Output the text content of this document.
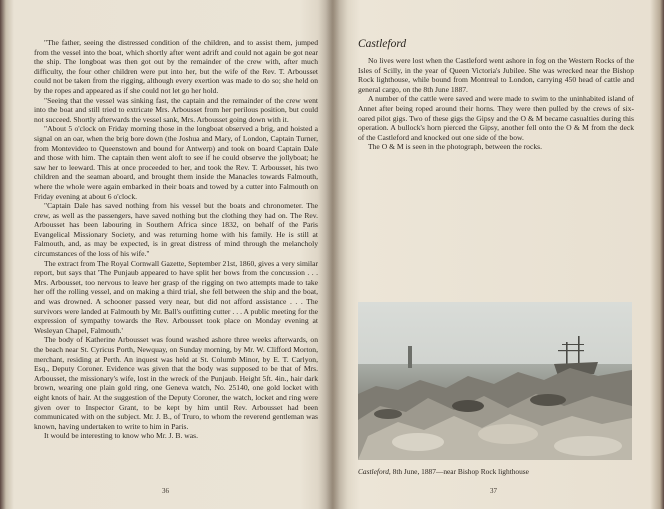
"The father, seeing the distressed condition of the children, and to assist them, jumped from the vessel into the boat, which shortly after went adrift and could not again be got near the ship. The longboat was then got out by the remainder of the crew with, after much difficulty, the four other children were put into her, but the wife of the Rev. T. Arbousset could not be taken from the rigging, although every exertion was made to do so; she held on by the ropes and appeared as if she could not let go her hold.

"Seeing that the vessel was sinking fast, the captain and the remainder of the crew went into the boat and still tried to extricate Mrs. Arbousset from her perilous position, but could not succeed. Shortly afterwards the vessel sank, Mrs. Arbousset going down with it.

"About 5 o'clock on Friday morning those in the longboat observed a brig, and hoisted a signal on an oar, when the brig bore down (the Joshua and Mary, of London, Captain Turner, from Montevideo to Queenstown and bound for Antwerp) and took on board Captain Dale and those with him. The captain then went aloft to see if he could observe the jollyboat; he saw her to leeward. This at once proceeded to her, and took the Rev. T. Arbousset, his two children and the seaman aboard, and brought them inside the Manacles towards Falmouth, where the whole were again embarked in their boats and towed by a cutter into Falmouth on Friday evening at about 6 o'clock.

"Captain Dale has saved nothing from his vessel but the boats and chronometer. The crew, as well as the passengers, have saved nothing but the clothing they had on. The Rev. Arbousset has been labouring in Southern Africa since 1832, on behalf of the Paris Evangelical Missionary Society, and was returning home with his family. He is still at Falmouth, and, as may be expected, is in great distress of mind through the melancholy circumstances of the loss of his wife."

The extract from The Royal Cornwall Gazette, September 21st, 1860, gives a very similar report, but says that 'The Punjaub appeared to have split her bows from the concussion . . . Mrs. Arbousset, too nervous to leave her grasp of the rigging on two attempts made to take her off the rolling vessel, and on making a third trial, she fell between the ship and the boat, and was drowned. A schooner passed very near, but did not afford assistance . . . The survivors were landed at Falmouth by Mr. Ball's outfitting cutter . . . A public meeting for the expression of sympathy towards the Rev. Arbousset took place on Monday evening at Wesleyan Chapel, Falmouth.'

The body of Katherine Arbousset was found washed ashore three weeks afterwards, on the beach near St. Cyricus Porth, Newquay, on Sunday morning, by Mr. W. Clifford Morton, merchant, residing at Perth. An inquest was held at St. Columb Minor, by E. T. Carlyon, Esq., Deputy Coroner. Evidence was given that the body was supposed to be that of Mrs. Arbousset, the missionary's wife, lost in the wreck of the Punjaub. Height 5ft. 4in., hair dark brown, wearing one plain gold ring, one Geneva watch, No. 25140, one gold locket with eight knots of hair. At the suggestion of the Deputy Coroner, the watch, locket and ring were given over to Inspector Grant, to be kept by him until Rev. Arbousset had been communicated with on the subject. Mr. J. B., of Truro, to whom the reverend gentleman was known, having undertaken to write to him in Paris.

It would be interesting to know who Mr. J. B. was.

36
Castleford

No lives were lost when the Castleford went ashore in fog on the Western Rocks of the Isles of Scilly, in the year of Queen Victoria's Jubilee. She was wrecked near the Bishop Rock lighthouse, while bound from Montreal to London, carrying 450 head of cattle and general cargo, on the 8th June 1887.

A number of the cattle were saved and were made to swim to the uninhabited island of Annet after being roped around their horns. They were then pulled by the crews of six-oared pilot gigs. Two of these gigs the Gipsy and the O & M became casualties during this operation. A bullock's horn pierced the Gipsy, another fell onto the O & M from the deck of the Castleford and knocked out one side of the bow.

The O & M is seen in the photograph, between the rocks.

Castleford, 8th June, 1887—near Bishop Rock lighthouse
37
